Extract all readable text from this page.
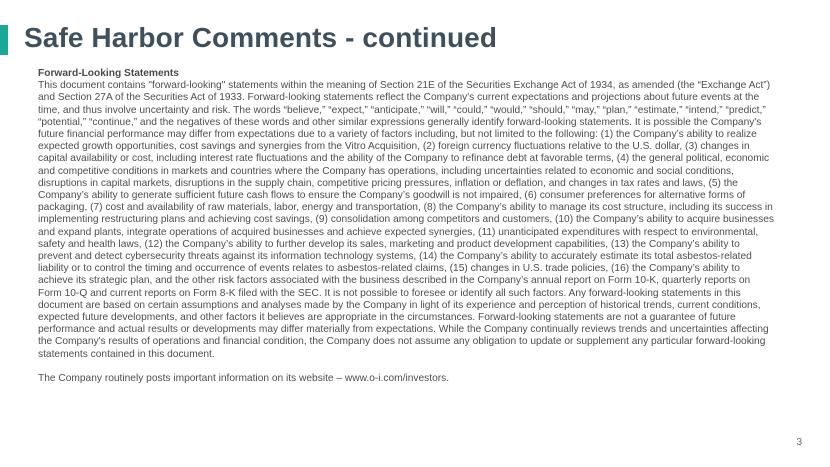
Safe Harbor Comments - continued
Forward-Looking Statements

This document contains "forward-looking" statements within the meaning of Section 21E of the Securities Exchange Act of 1934, as amended (the “Exchange Act”) and Section 27A of the Securities Act of 1933. Forward-looking statements reflect the Company's current expectations and projections about future events at the time, and thus involve uncertainty and risk. The words “believe,” “expect,” “anticipate,” “will,” “could,” “would,” “should,” “may,” “plan,” “estimate,” “intend,” “predict,” “potential,” “continue,” and the negatives of these words and other similar expressions generally identify forward-looking statements. It is possible the Company's future financial performance may differ from expectations due to a variety of factors including, but not limited to the following: (1) the Company’s ability to realize expected growth opportunities, cost savings and synergies from the Vitro Acquisition, (2) foreign currency fluctuations relative to the U.S. dollar, (3) changes in capital availability or cost, including interest rate fluctuations and the ability of the Company to refinance debt at favorable terms, (4) the general political, economic and competitive conditions in markets and countries where the Company has operations, including uncertainties related to economic and social conditions, disruptions in capital markets, disruptions in the supply chain, competitive pricing pressures, inflation or deflation, and changes in tax rates and laws, (5) the Company’s ability to generate sufficient future cash flows to ensure the Company’s goodwill is not impaired, (6) consumer preferences for alternative forms of packaging, (7) cost and availability of raw materials, labor, energy and transportation, (8) the Company’s ability to manage its cost structure, including its success in implementing restructuring plans and achieving cost savings, (9) consolidation among competitors and customers, (10) the Company’s ability to acquire businesses and expand plants, integrate operations of acquired businesses and achieve expected synergies, (11) unanticipated expenditures with respect to environmental, safety and health laws, (12) the Company’s ability to further develop its sales, marketing and product development capabilities, (13) the Company’s ability to prevent and detect cybersecurity threats against its information technology systems, (14) the Company’s ability to accurately estimate its total asbestos-related liability or to control the timing and occurrence of events relates to asbestos-related claims, (15) changes in U.S. trade policies, (16) the Company’s ability to achieve its strategic plan, and the other risk factors associated with the business described in the Company’s annual report on Form 10-K, quarterly reports on Form 10-Q and current reports on Form 8-K filed with the SEC. It is not possible to foresee or identify all such factors. Any forward-looking statements in this document are based on certain assumptions and analyses made by the Company in light of its experience and perception of historical trends, current conditions, expected future developments, and other factors it believes are appropriate in the circumstances. Forward-looking statements are not a guarantee of future performance and actual results or developments may differ materially from expectations. While the Company continually reviews trends and uncertainties affecting the Company's results of operations and financial condition, the Company does not assume any obligation to update or supplement any particular forward-looking statements contained in this document.

The Company routinely posts important information on its website – www.o-i.com/investors.

3
